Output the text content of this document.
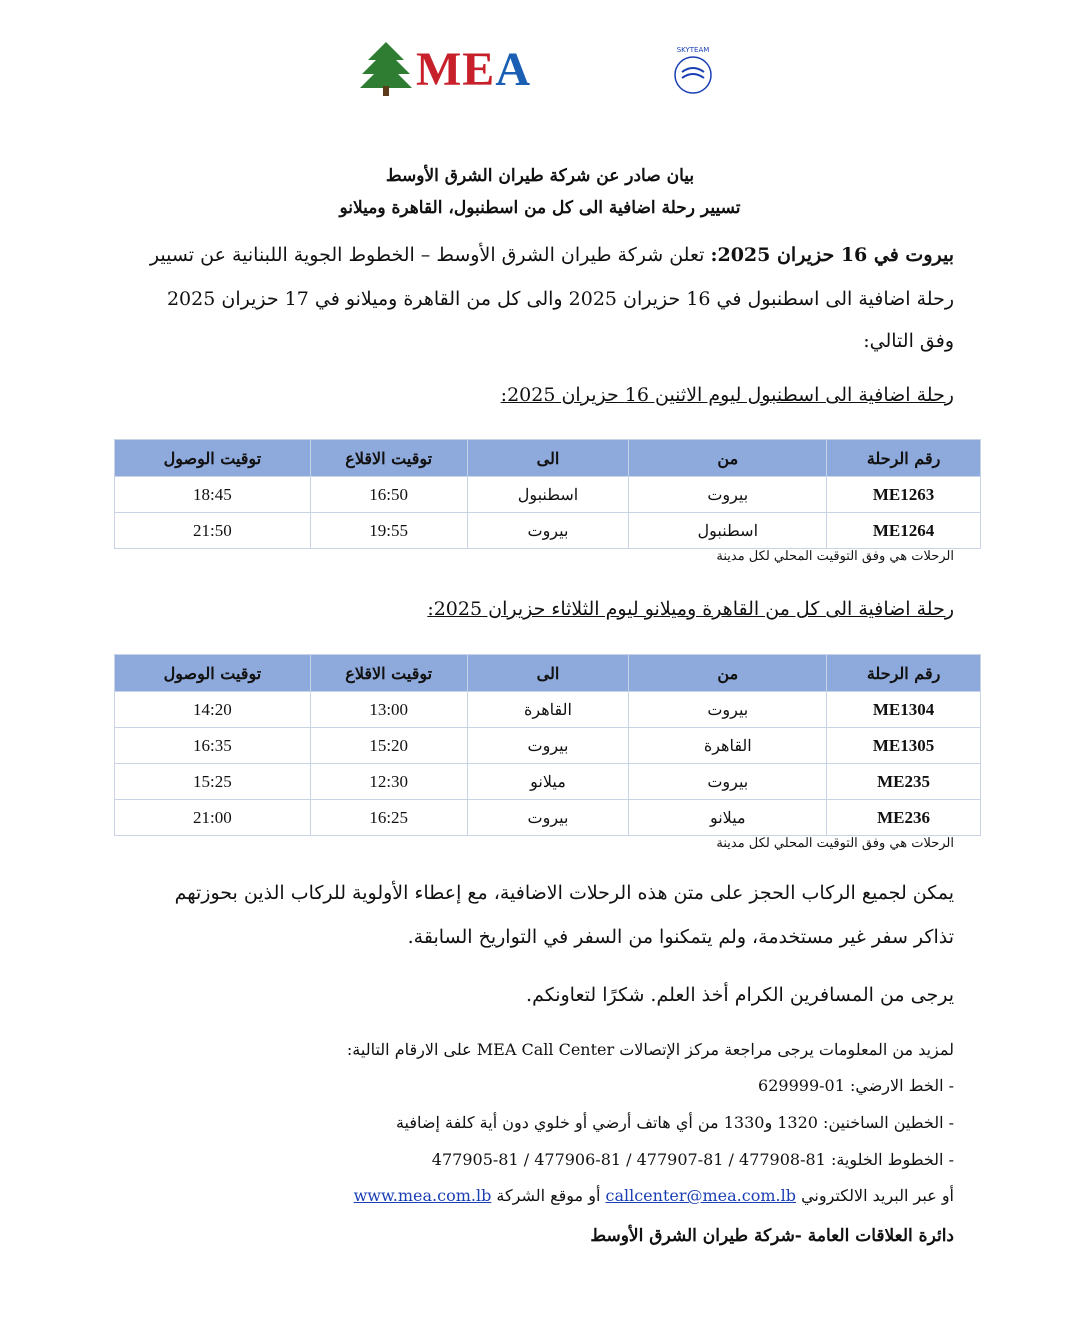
MEA	SKYTEAM
بيان صادر عن شركة طيران الشرق الأوسط
تسيير رحلة اضافية الى كل من اسطنبول، القاهرة وميلانو
بيروت في 16 حزيران 2025: تعلن شركة طيران الشرق الأوسط – الخطوط الجوية اللبنانية عن تسيير
رحلة اضافية الى اسطنبول في 16 حزيران 2025 والى كل من القاهرة وميلانو في 17 حزيران 2025
وفق التالي:
رحلة اضافية الى اسطنبول ليوم الاثنين 16 حزيران 2025:
رقم الرحلة	من	الى	توقيت الاقلاع	توقيت الوصول
ME1263	بيروت	اسطنبول	16:50	18:45
ME1264	اسطنبول	بيروت	19:55	21:50
الرحلات هي وفق التوقيت المحلي لكل مدينة
رحلة اضافية الى كل من القاهرة وميلانو ليوم الثلاثاء حزيران 2025:
رقم الرحلة	من	الى	توقيت الاقلاع	توقيت الوصول
ME1304	بيروت	القاهرة	13:00	14:20
ME1305	القاهرة	بيروت	15:20	16:35
ME235	بيروت	ميلانو	12:30	15:25
ME236	ميلانو	بيروت	16:25	21:00
الرحلات هي وفق التوقيت المحلي لكل مدينة
يمكن لجميع الركاب الحجز على متن هذه الرحلات الاضافية، مع إعطاء الأولوية للركاب الذين بحوزتهم
تذاكر سفر غير مستخدمة، ولم يتمكنوا من السفر في التواريخ السابقة.
يرجى من المسافرين الكرام أخذ العلم. شكرًا لتعاونكم.
لمزيد من المعلومات يرجى مراجعة مركز الإتصالات MEA Call Center على الارقام التالية:
- الخط الارضي: 01-629999
- الخطين الساخنين: 1320 و1330 من أي هاتف أرضي أو خلوي دون أية كلفة إضافية
- الخطوط الخلوية: 81-477908 / 81-477907 / 81-477906 / 81-477905
أو عبر البريد الالكتروني callcenter@mea.com.lb أو موقع الشركة www.mea.com.lb
دائرة العلاقات العامة -شركة طيران الشرق الأوسط
